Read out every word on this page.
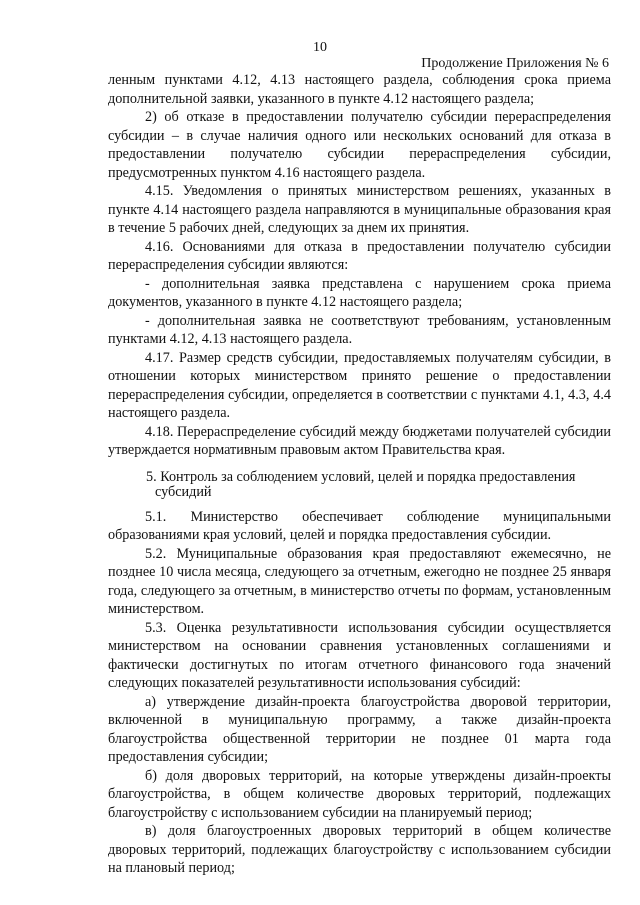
10
Продолжение Приложения № 6

ленным пунктами 4.12, 4.13 настоящего раздела, соблюдения срока приема дополнительной заявки, указанного в пункте 4.12 настоящего раздела;

2) об отказе в предоставлении получателю субсидии перераспределения субсидии – в случае наличия одного или нескольких оснований для отказа в предоставлении получателю субсидии перераспределения субсидии, предусмотренных пунктом 4.16 настоящего раздела.

4.15. Уведомления о принятых министерством решениях, указанных в пункте 4.14 настоящего раздела направляются в муниципальные образования края в течение 5 рабочих дней, следующих за днем их принятия.

4.16. Основаниями для отказа в предоставлении получателю субсидии перераспределения субсидии являются:

- дополнительная заявка представлена с нарушением срока приема документов, указанного в пункте 4.12 настоящего раздела;

- дополнительная заявка не соответствуют требованиям, установленным пунктами 4.12, 4.13 настоящего раздела.

4.17. Размер средств субсидии, предоставляемых получателям субсидии, в отношении которых министерством принято решение о предоставлении перераспределения субсидии, определяется в соответствии с пунктами 4.1, 4.3, 4.4 настоящего раздела.

4.18. Перераспределение субсидий между бюджетами получателей субсидии утверждается нормативным правовым актом Правительства края.

5. Контроль за соблюдением условий, целей и порядка предоставления
субсидий

5.1. Министерство обеспечивает соблюдение муниципальными образованиями края условий, целей и порядка предоставления субсидии.

5.2. Муниципальные образования края предоставляют ежемесячно, не позднее 10 числа месяца, следующего за отчетным, ежегодно не позднее 25 января года, следующего за отчетным, в министерство отчеты по формам, установленным министерством.

5.3. Оценка результативности использования субсидии осуществляется министерством на основании сравнения установленных соглашениями и фактически достигнутых по итогам отчетного финансового года значений следующих показателей результативности использования субсидий:

а) утверждение дизайн-проекта благоустройства дворовой территории, включенной в муниципальную программу, а также дизайн-проекта благоустройства общественной территории не позднее 01 марта года предоставления субсидии;

б) доля дворовых территорий, на которые утверждены дизайн-проекты благоустройства, в общем количестве дворовых территорий, подлежащих благоустройству с использованием субсидии на планируемый период;

в) доля благоустроенных дворовых территорий в общем количестве дворовых территорий, подлежащих благоустройству с использованием субсидии на плановый период;
